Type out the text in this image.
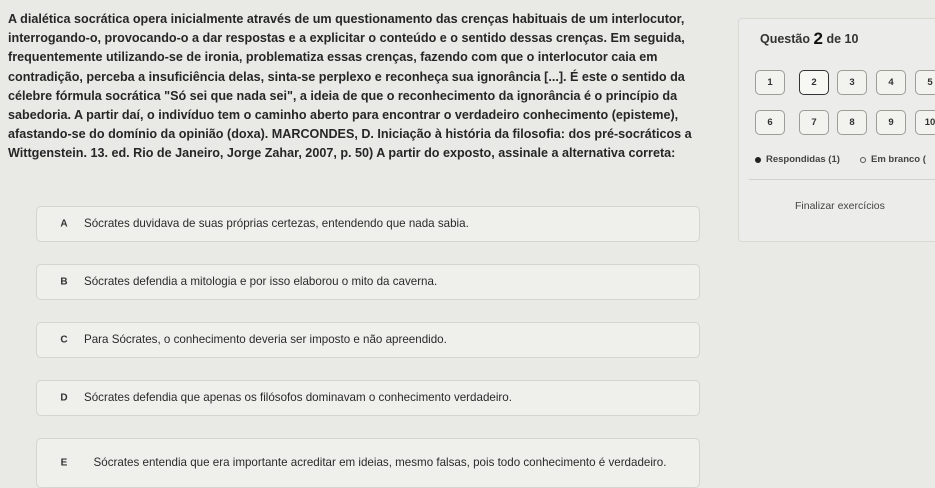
A dialética socrática opera inicialmente através de um questionamento das crenças habituais de um interlocutor, interrogando-o, provocando-o a dar respostas e a explicitar o conteúdo e o sentido dessas crenças. Em seguida, frequentemente utilizando-se de ironia, problematiza essas crenças, fazendo com que o interlocutor caia em contradição, perceba a insuficiência delas, sinta-se perplexo e reconheça sua ignorância [...]. É este o sentido da célebre fórmula socrática "Só sei que nada sei", a ideia de que o reconhecimento da ignorância é o princípio da sabedoria. A partir daí, o indivíduo tem o caminho aberto para encontrar o verdadeiro conhecimento (episteme), afastando-se do domínio da opinião (doxa). MARCONDES, D. Iniciação à história da filosofia: dos pré-socráticos a Wittgenstein. 13. ed. Rio de Janeiro, Jorge Zahar, 2007, p. 50) A partir do exposto, assinale a alternativa correta:
A Sócrates duvidava de suas próprias certezas, entendendo que nada sabia.
B Sócrates defendia a mitologia e por isso elaborou o mito da caverna.
C Para Sócrates, o conhecimento deveria ser imposto e não apreendido.
D Sócrates defendia que apenas os filósofos dominavam o conhecimento verdadeiro.
E	Sócrates entendia que era importante acreditar em ideias, mesmo falsas, pois todo conhecimento é verdadeiro.
Questão 2 de 10
1	2	3	4	5
6	7	8	9	10
Respondidas (1)	Em branco (
Finalizar exercícios
